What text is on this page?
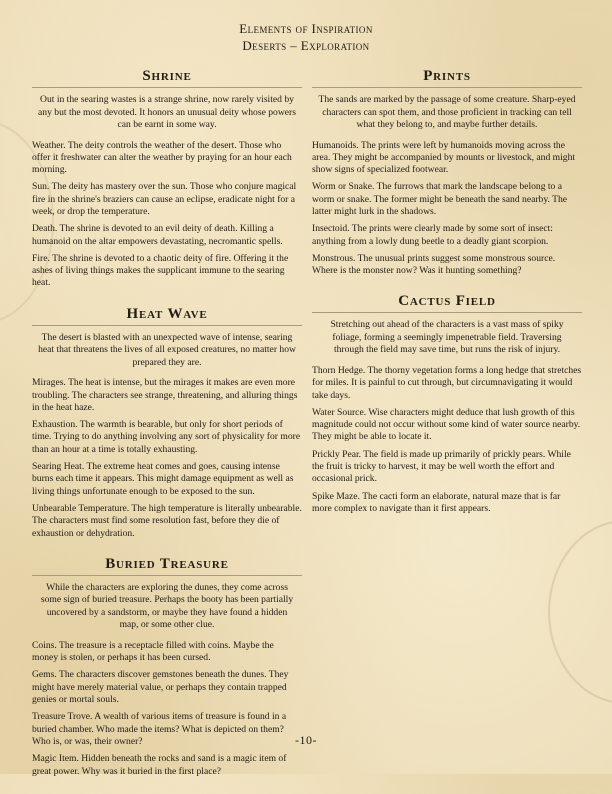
Elements of Inspiration
Deserts – Exploration
Shrine

Out in the searing wastes is a strange shrine, now rarely visited by any but the most devoted. It honors an unusual deity whose powers can be earnt in some way.

Weather. The deity controls the weather of the desert. Those who offer it freshwater can alter the weather by praying for an hour each morning.

Sun. The deity has mastery over the sun. Those who conjure magical fire in the shrine's braziers can cause an eclipse, eradicate night for a week, or drop the temperature.

Death. The shrine is devoted to an evil deity of death. Killing a humanoid on the altar empowers devastating, necromantic spells.

Fire. The shrine is devoted to a chaotic deity of fire. Offering it the ashes of living things makes the supplicant immune to the searing heat.

Heat Wave

The desert is blasted with an unexpected wave of intense, searing heat that threatens the lives of all exposed creatures, no matter how prepared they are.

Mirages. The heat is intense, but the mirages it makes are even more troubling. The characters see strange, threatening, and alluring things in the heat haze.

Exhaustion. The warmth is bearable, but only for short periods of time. Trying to do anything involving any sort of physicality for more than an hour at a time is totally exhausting.

Searing Heat. The extreme heat comes and goes, causing intense burns each time it appears. This might damage equipment as well as living things unfortunate enough to be exposed to the sun.

Unbearable Temperature. The high temperature is literally unbearable. The characters must find some resolution fast, before they die of exhaustion or dehydration.

Buried Treasure

While the characters are exploring the dunes, they come across some sign of buried treasure. Perhaps the booty has been partially uncovered by a sandstorm, or maybe they have found a hidden map, or some other clue.

Coins. The treasure is a receptacle filled with coins. Maybe the money is stolen, or perhaps it has been cursed.

Gems. The characters discover gemstones beneath the dunes. They might have merely material value, or perhaps they contain trapped genies or mortal souls.

Treasure Trove. A wealth of various items of treasure is found in a buried chamber. Who made the items? What is depicted on them? Who is, or was, their owner?

Magic Item. Hidden beneath the rocks and sand is a magic item of great power. Why was it buried in the first place?

Prints

The sands are marked by the passage of some creature. Sharp-eyed characters can spot them, and those proficient in tracking can tell what they belong to, and maybe further details.

Humanoids. The prints were left by humanoids moving across the area. They might be accompanied by mounts or livestock, and might show signs of specialized footwear.

Worm or Snake. The furrows that mark the landscape belong to a worm or snake. The former might be beneath the sand nearby. The latter might lurk in the shadows.

Insectoid. The prints were clearly made by some sort of insect: anything from a lowly dung beetle to a deadly giant scorpion.

Monstrous. The unusual prints suggest some monstrous source. Where is the monster now? Was it hunting something?

Cactus Field

Stretching out ahead of the characters is a vast mass of spiky foliage, forming a seemingly impenetrable field. Traversing through the field may save time, but runs the risk of injury.

Thorn Hedge. The thorny vegetation forms a long hedge that stretches for miles. It is painful to cut through, but circumnavigating it would take days.

Water Source. Wise characters might deduce that lush growth of this magnitude could not occur without some kind of water source nearby. They might be able to locate it.

Prickly Pear. The field is made up primarily of prickly pears. While the fruit is tricky to harvest, it may be well worth the effort and occasional prick.

Spike Maze. The cacti form an elaborate, natural maze that is far more complex to navigate than it first appears.

-10-
